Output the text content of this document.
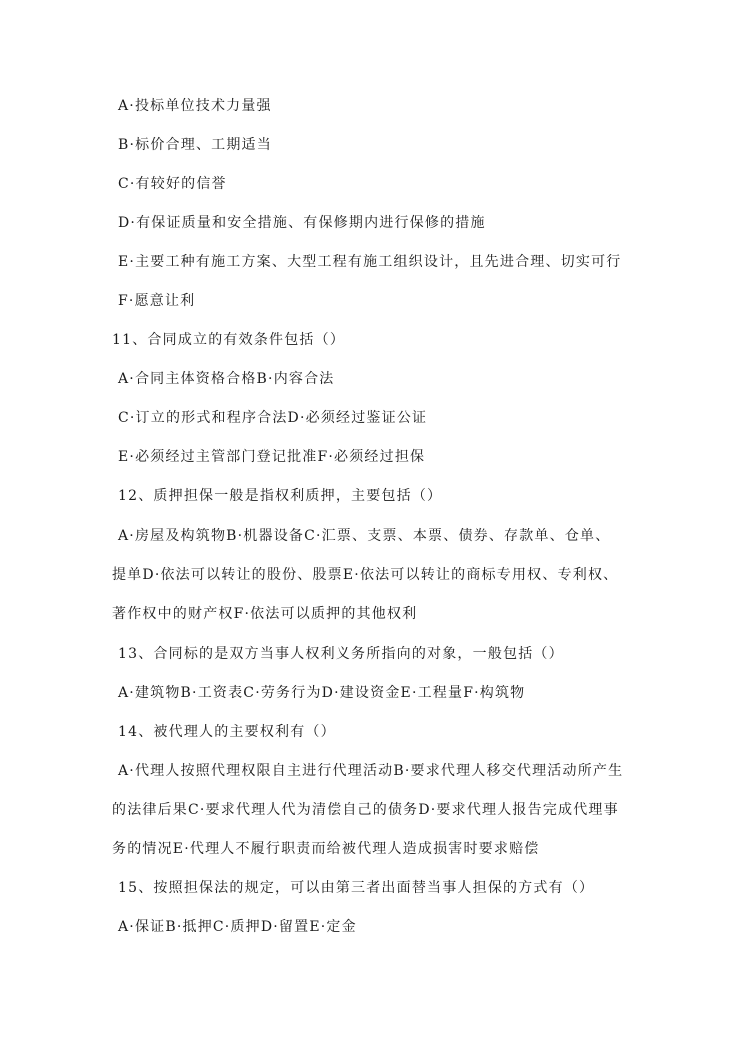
A·投标单位技术力量强
B·标价合理、工期适当
C·有较好的信誉
D·有保证质量和安全措施、有保修期内进行保修的措施
E·主要工种有施工方案、大型工程有施工组织设计，且先进合理、切实可行
F·愿意让利
11、合同成立的有效条件包括（）
A·合同主体资格合格B·内容合法
C·订立的形式和程序合法D·必须经过鉴证公证
E·必须经过主管部门登记批准F·必须经过担保
12、质押担保一般是指权利质押，主要包括（）
A·房屋及构筑物B·机器设备C·汇票、支票、本票、债券、存款单、仓单、
提单D·依法可以转让的股份、股票E·依法可以转让的商标专用权、专利权、
著作权中的财产权F·依法可以质押的其他权利
13、合同标的是双方当事人权利义务所指向的对象，一般包括（）
A·建筑物B·工资表C·劳务行为D·建设资金E·工程量F·构筑物
14、被代理人的主要权利有（）
A·代理人按照代理权限自主进行代理活动B·要求代理人移交代理活动所产生
的法律后果C·要求代理人代为清偿自己的债务D·要求代理人报告完成代理事
务的情况E·代理人不履行职责而给被代理人造成损害时要求赔偿
15、按照担保法的规定，可以由第三者出面替当事人担保的方式有（）
A·保证B·抵押C·质押D·留置E·定金
